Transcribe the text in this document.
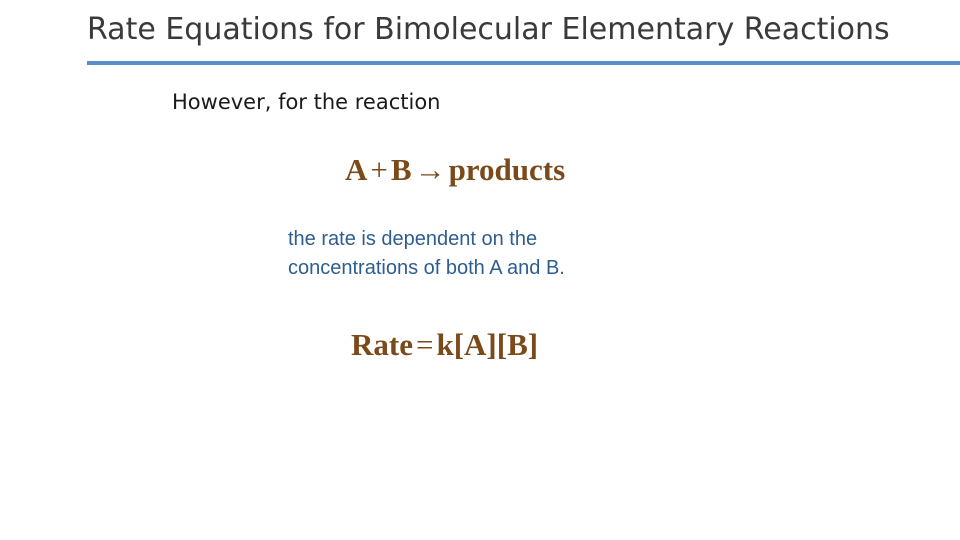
Rate Equations for Bimolecular Elementary Reactions
However, for the reaction
A+B→products
the rate is dependent on the
concentrations of both A and B.
Rate=k[A][B]
